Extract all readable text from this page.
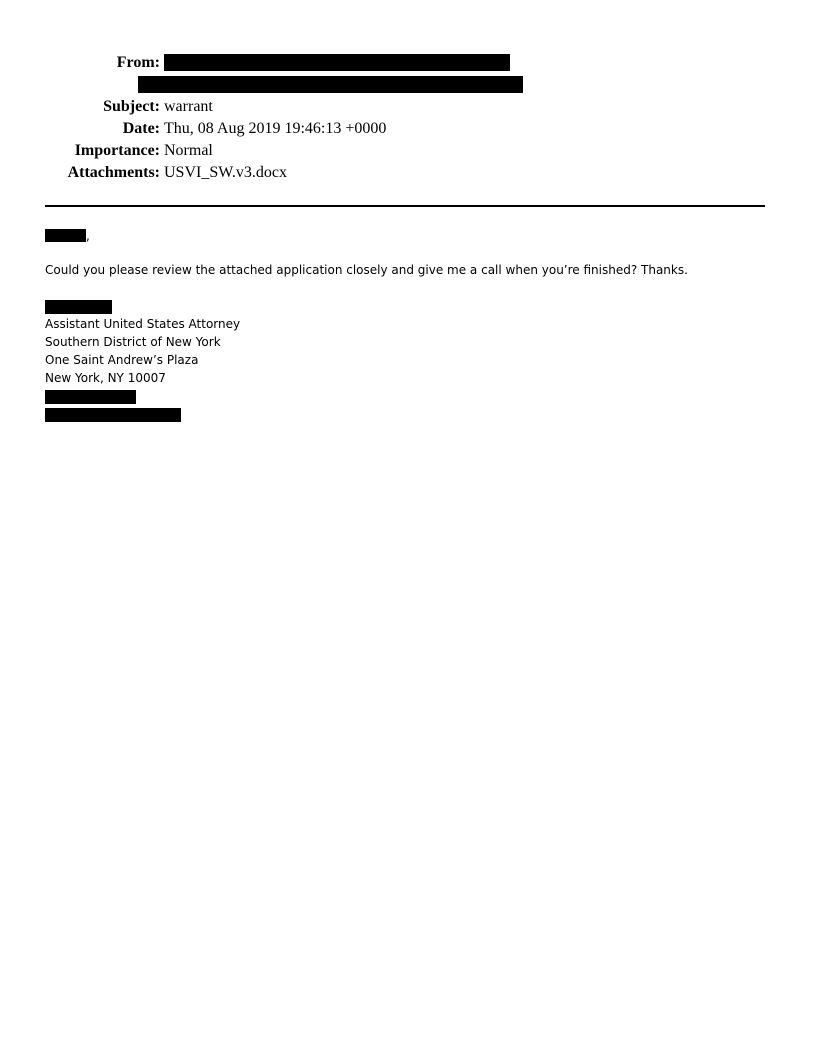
From:
Subject: warrant
Date: Thu, 08 Aug 2019 19:46:13 +0000
Importance: Normal
Attachments: USVI_SW.v3.docx
,
Could you please review the attached application closely and give me a call when you’re finished? Thanks.
Assistant United States Attorney
Southern District of New York
One Saint Andrew’s Plaza
New York, NY 10007
